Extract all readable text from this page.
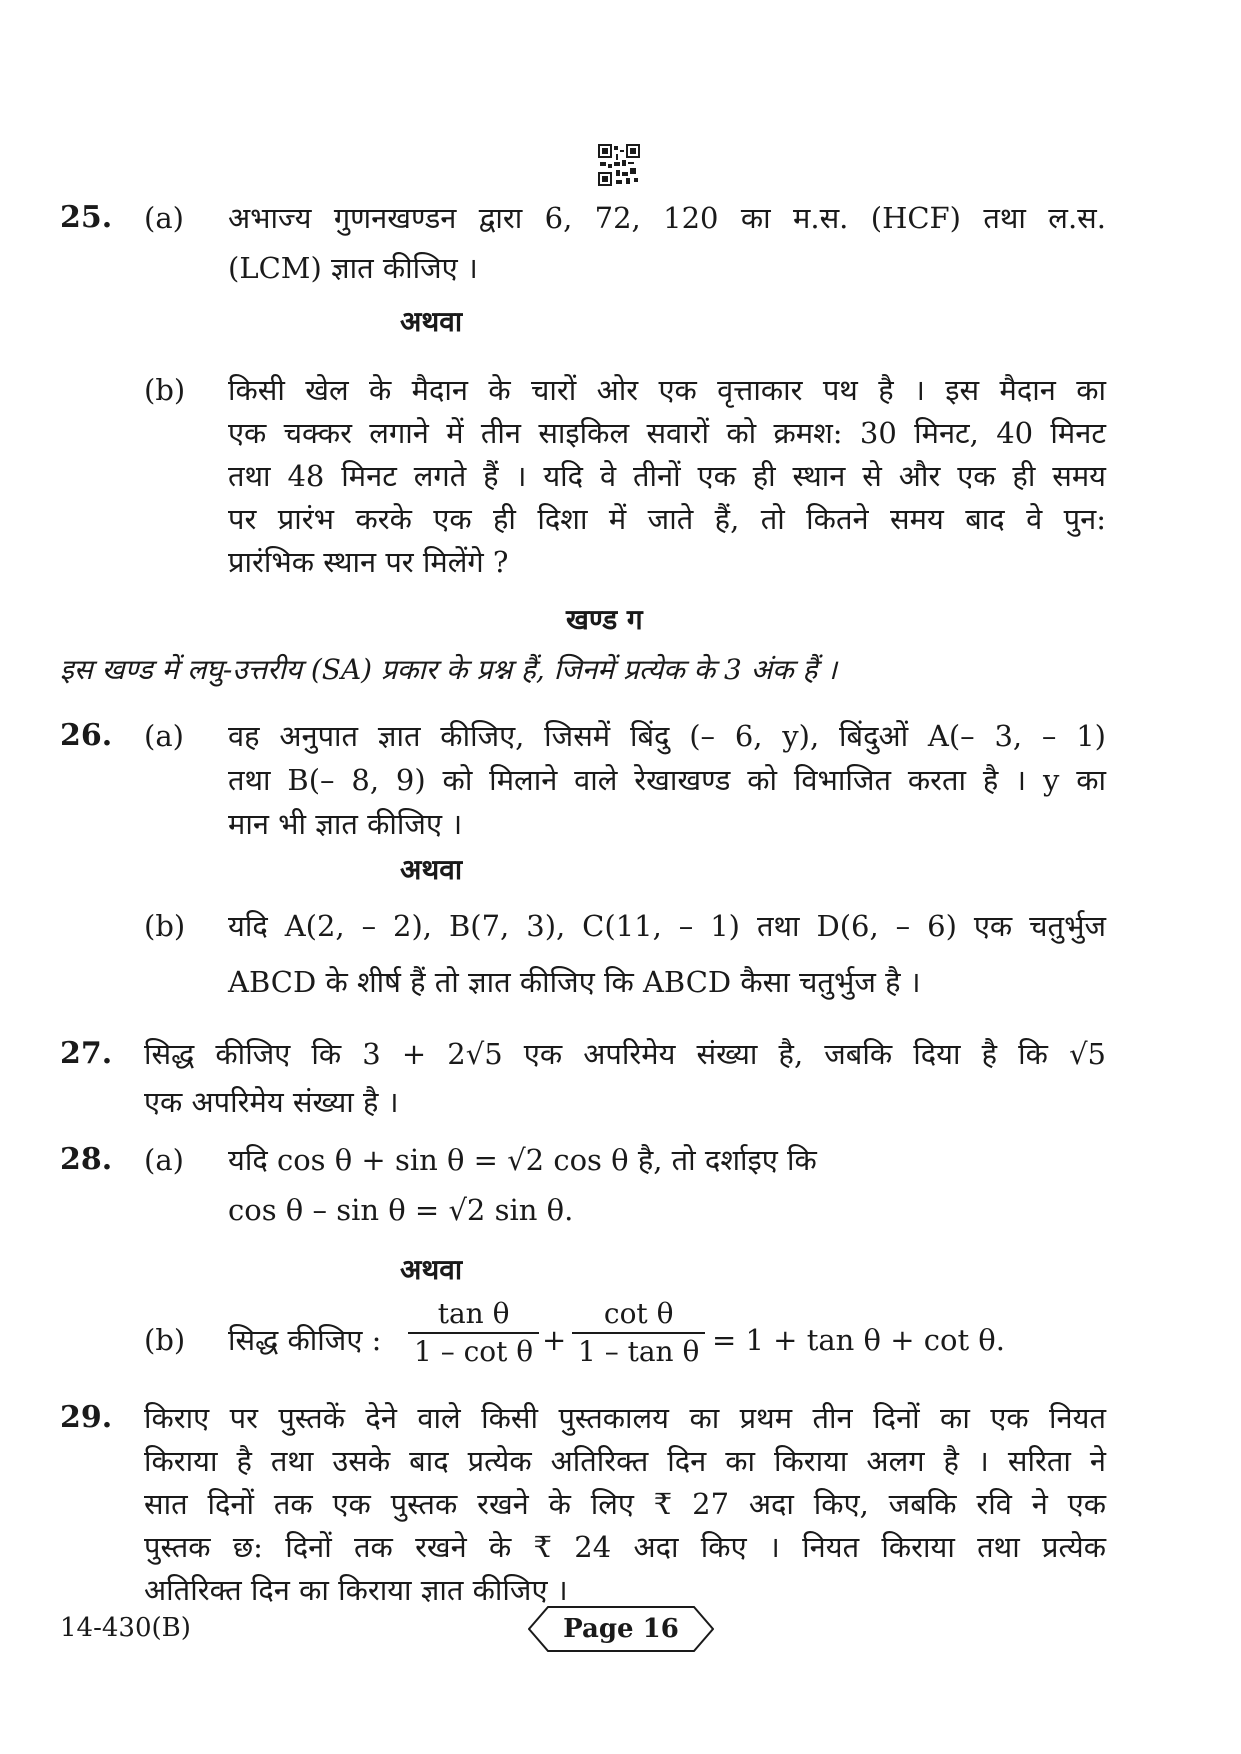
25. (a) अभाज्य गुणनखण्डन द्वारा 6, 72, 120 का म.स. (HCF) तथा ल.स.
(LCM) ज्ञात कीजिए ।
अथवा
(b) किसी खेल के मैदान के चारों ओर एक वृत्ताकार पथ है । इस मैदान का
एक चक्कर लगाने में तीन साइकिल सवारों को क्रमश: 30 मिनट, 40 मिनट
तथा 48 मिनट लगते हैं । यदि वे तीनों एक ही स्थान से और एक ही समय
पर प्रारंभ करके एक ही दिशा में जाते हैं, तो कितने समय बाद वे पुन:
प्रारंभिक स्थान पर मिलेंगे ?
खण्ड ग
इस खण्ड में लघु-उत्तरीय (SA) प्रकार के प्रश्न हैं, जिनमें प्रत्येक के 3 अंक हैं ।
26. (a) वह अनुपात ज्ञात कीजिए, जिसमें बिंदु (– 6, y), बिंदुओं A(– 3, – 1)
तथा B(– 8, 9) को मिलाने वाले रेखाखण्ड को विभाजित करता है । y का
मान भी ज्ञात कीजिए ।
अथवा
(b) यदि A(2, – 2), B(7, 3), C(11, – 1) तथा D(6, – 6) एक चतुर्भुज
ABCD के शीर्ष हैं तो ज्ञात कीजिए कि ABCD कैसा चतुर्भुज है ।
27. सिद्ध कीजिए कि 3 + 2√5 एक अपरिमेय संख्या है, जबकि दिया है कि √5
एक अपरिमेय संख्या है ।
28. (a) यदि cos θ + sin θ = √2 cos θ है, तो दर्शाइए कि
cos θ – sin θ = √2 sin θ.
अथवा
(b) सिद्ध कीजिए : $\frac{\text{tan θ}}{\text{1 – cot θ}} + \frac{\text{cot θ}}{\text{1 – tan θ}} = 1 + \tan \theta + \cot \theta$.
29. किराए पर पुस्तकें देने वाले किसी पुस्तकालय का प्रथम तीन दिनों का एक नियत
किराया है तथा उसके बाद प्रत्येक अतिरिक्त दिन का किराया अलग है । सरिता ने
सात दिनों तक एक पुस्तक रखने के लिए ₹ 27 अदा किए, जबकि रवि ने एक
पुस्तक छ: दिनों तक रखने के ₹ 24 अदा किए । नियत किराया तथा प्रत्येक
अतिरिक्त दिन का किराया ज्ञात कीजिए ।
14-430(B)	Page 16
